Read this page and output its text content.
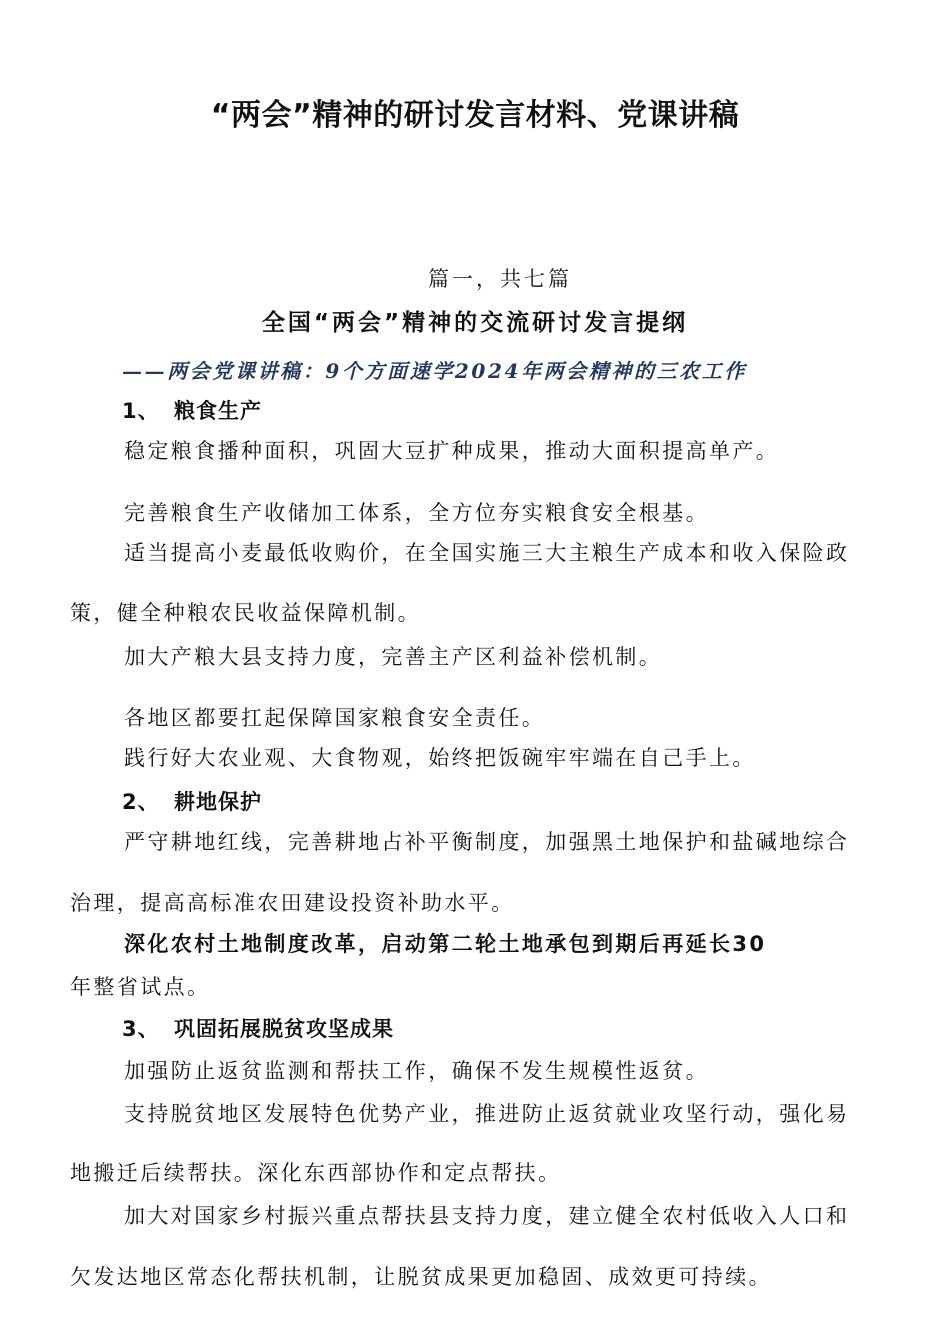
“两会”精神的研讨发言材料、党课讲稿
篇一，共七篇
全国“两会”精神的交流研讨发言提纲
——两会党课讲稿：9个方面速学2024年两会精神的三农工作
1、 粮食生产
稳定粮食播种面积，巩固大豆扩种成果，推动大面积提高单产。
完善粮食生产收储加工体系，全方位夯实粮食安全根基。
适当提高小麦最低收购价，在全国实施三大主粮生产成本和收入保险政
策，健全种粮农民收益保障机制。
加大产粮大县支持力度，完善主产区利益补偿机制。
各地区都要扛起保障国家粮食安全责任。
践行好大农业观、大食物观，始终把饭碗牢牢端在自己手上。
2、 耕地保护
严守耕地红线，完善耕地占补平衡制度，加强黑土地保护和盐碱地综合
治理，提高高标准农田建设投资补助水平。
深化农村土地制度改革，启动第二轮土地承包到期后再延长30
年整省试点。
3、 巩固拓展脱贫攻坚成果
加强防止返贫监测和帮扶工作，确保不发生规模性返贫。
支持脱贫地区发展特色优势产业，推进防止返贫就业攻坚行动，强化易
地搬迁后续帮扶。深化东西部协作和定点帮扶。
加大对国家乡村振兴重点帮扶县支持力度，建立健全农村低收入人口和
欠发达地区常态化帮扶机制，让脱贫成果更加稳固、成效更可持续。
